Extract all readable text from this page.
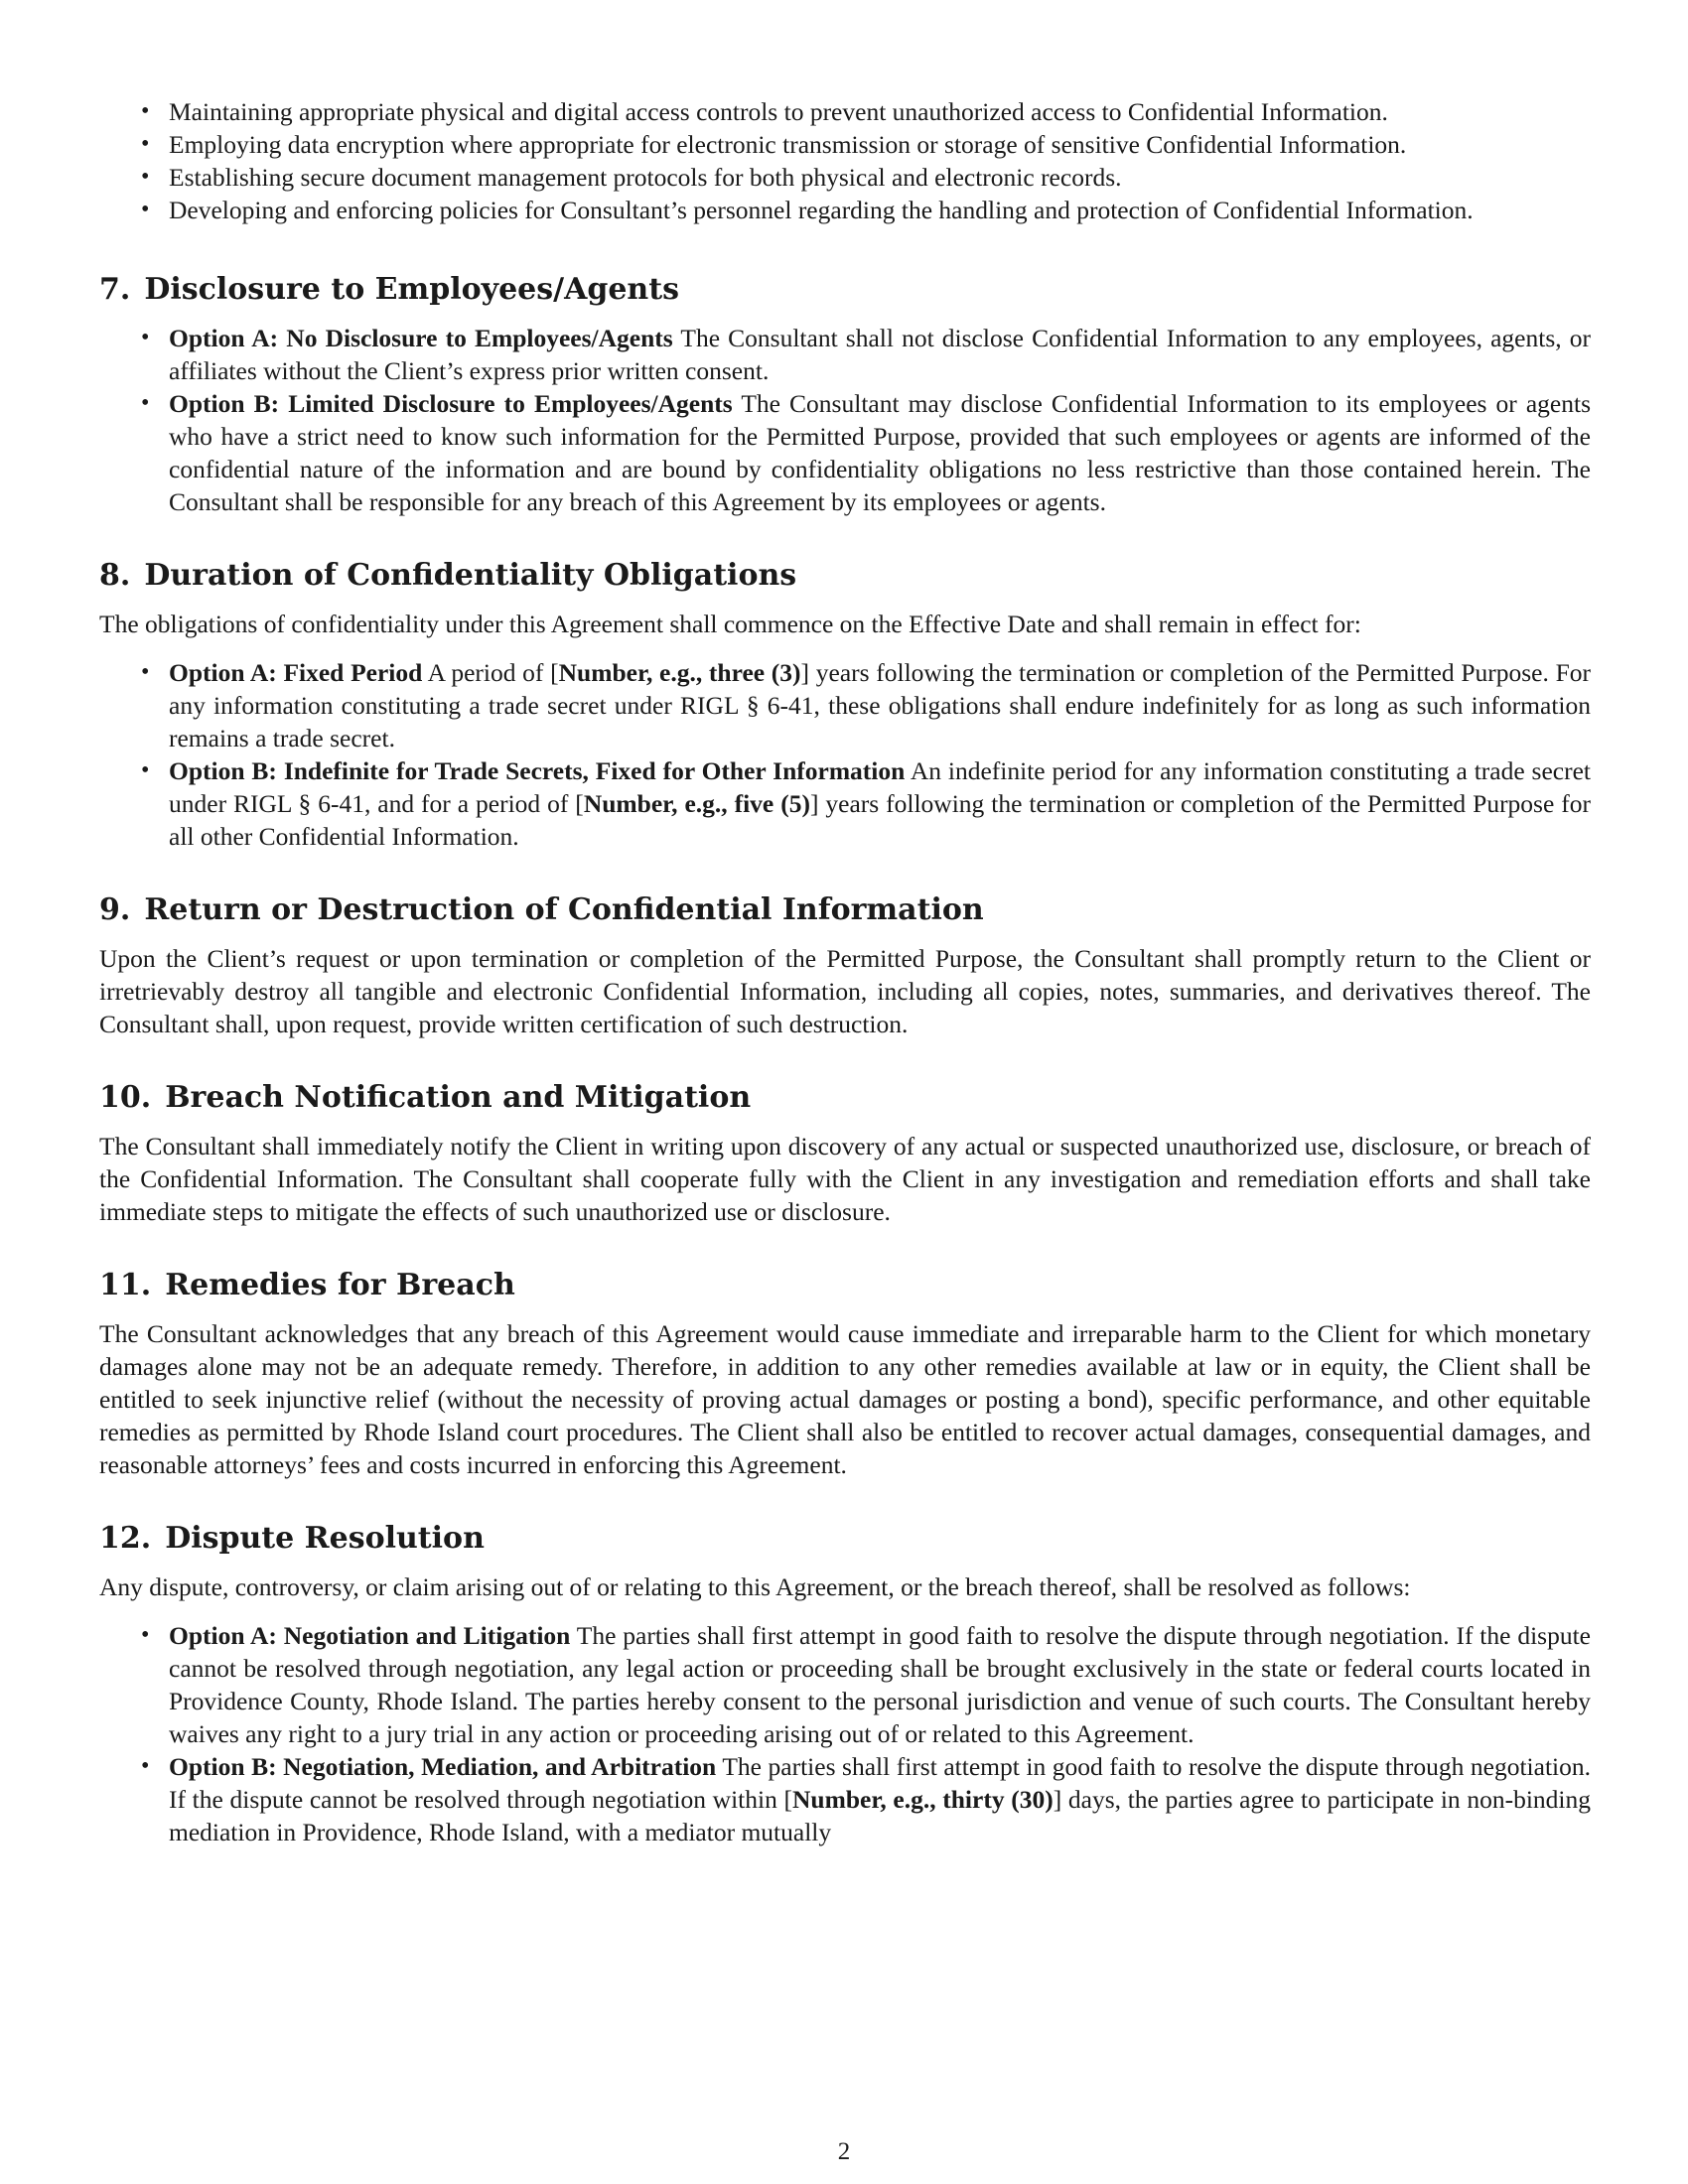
• Maintaining appropriate physical and digital access controls to prevent unauthorized access to Confidential Information.
• Employing data encryption where appropriate for electronic transmission or storage of sensitive Confidential Information.
• Establishing secure document management protocols for both physical and electronic records.
• Developing and enforcing policies for Consultant’s personnel regarding the handling and protection of Confidential Information.
7. Disclosure to Employees/Agents
• Option A: No Disclosure to Employees/Agents The Consultant shall not disclose Confidential Information to any employees, agents, or affiliates without the Client’s express prior written consent.
• Option B: Limited Disclosure to Employees/Agents The Consultant may disclose Confidential Information to its employees or agents who have a strict need to know such information for the Permitted Purpose, provided that such employees or agents are informed of the confidential nature of the information and are bound by confidentiality obligations no less restrictive than those contained herein. The Consultant shall be responsible for any breach of this Agreement by its employees or agents.
8. Duration of Confidentiality Obligations

The obligations of confidentiality under this Agreement shall commence on the Effective Date and shall remain in effect for:

• Option A: Fixed Period A period of [Number, e.g., three (3)] years following the termination or completion of the Permitted Purpose. For any information constituting a trade secret under RIGL § 6-41, these obligations shall endure indefinitely for as long as such information remains a trade secret.
• Option B: Indefinite for Trade Secrets, Fixed for Other Information An indefinite period for any information constituting a trade secret under RIGL § 6-41, and for a period of [Number, e.g., five (5)] years following the termination or completion of the Permitted Purpose for all other Confidential Information.
9. Return or Destruction of Confidential Information

Upon the Client’s request or upon termination or completion of the Permitted Purpose, the Consultant shall promptly return to the Client or irretrievably destroy all tangible and electronic Confidential Information, including all copies, notes, summaries, and derivatives thereof. The Consultant shall, upon request, provide written certification of such destruction.

10. Breach Notification and Mitigation

The Consultant shall immediately notify the Client in writing upon discovery of any actual or suspected unauthorized use, disclosure, or breach of the Confidential Information. The Consultant shall cooperate fully with the Client in any investigation and remediation efforts and shall take immediate steps to mitigate the effects of such unauthorized use or disclosure.

11. Remedies for Breach

The Consultant acknowledges that any breach of this Agreement would cause immediate and irreparable harm to the Client for which monetary damages alone may not be an adequate remedy. Therefore, in addition to any other remedies available at law or in equity, the Client shall be entitled to seek injunctive relief (without the necessity of proving actual damages or posting a bond), specific performance, and other equitable remedies as permitted by Rhode Island court procedures. The Client shall also be entitled to recover actual damages, consequential damages, and reasonable attorneys’ fees and costs incurred in enforcing this Agreement.

12. Dispute Resolution

Any dispute, controversy, or claim arising out of or relating to this Agreement, or the breach thereof, shall be resolved as follows:

• Option A: Negotiation and Litigation The parties shall first attempt in good faith to resolve the dispute through negotiation. If the dispute cannot be resolved through negotiation, any legal action or proceeding shall be brought exclusively in the state or federal courts located in Providence County, Rhode Island. The parties hereby consent to the personal jurisdiction and venue of such courts. The Consultant hereby waives any right to a jury trial in any action or proceeding arising out of or related to this Agreement.
• Option B: Negotiation, Mediation, and Arbitration The parties shall first attempt in good faith to resolve the dispute through negotiation. If the dispute cannot be resolved through negotiation within [Number, e.g., thirty (30)] days, the parties agree to participate in non-binding mediation in Providence, Rhode Island, with a mediator mutually
2
